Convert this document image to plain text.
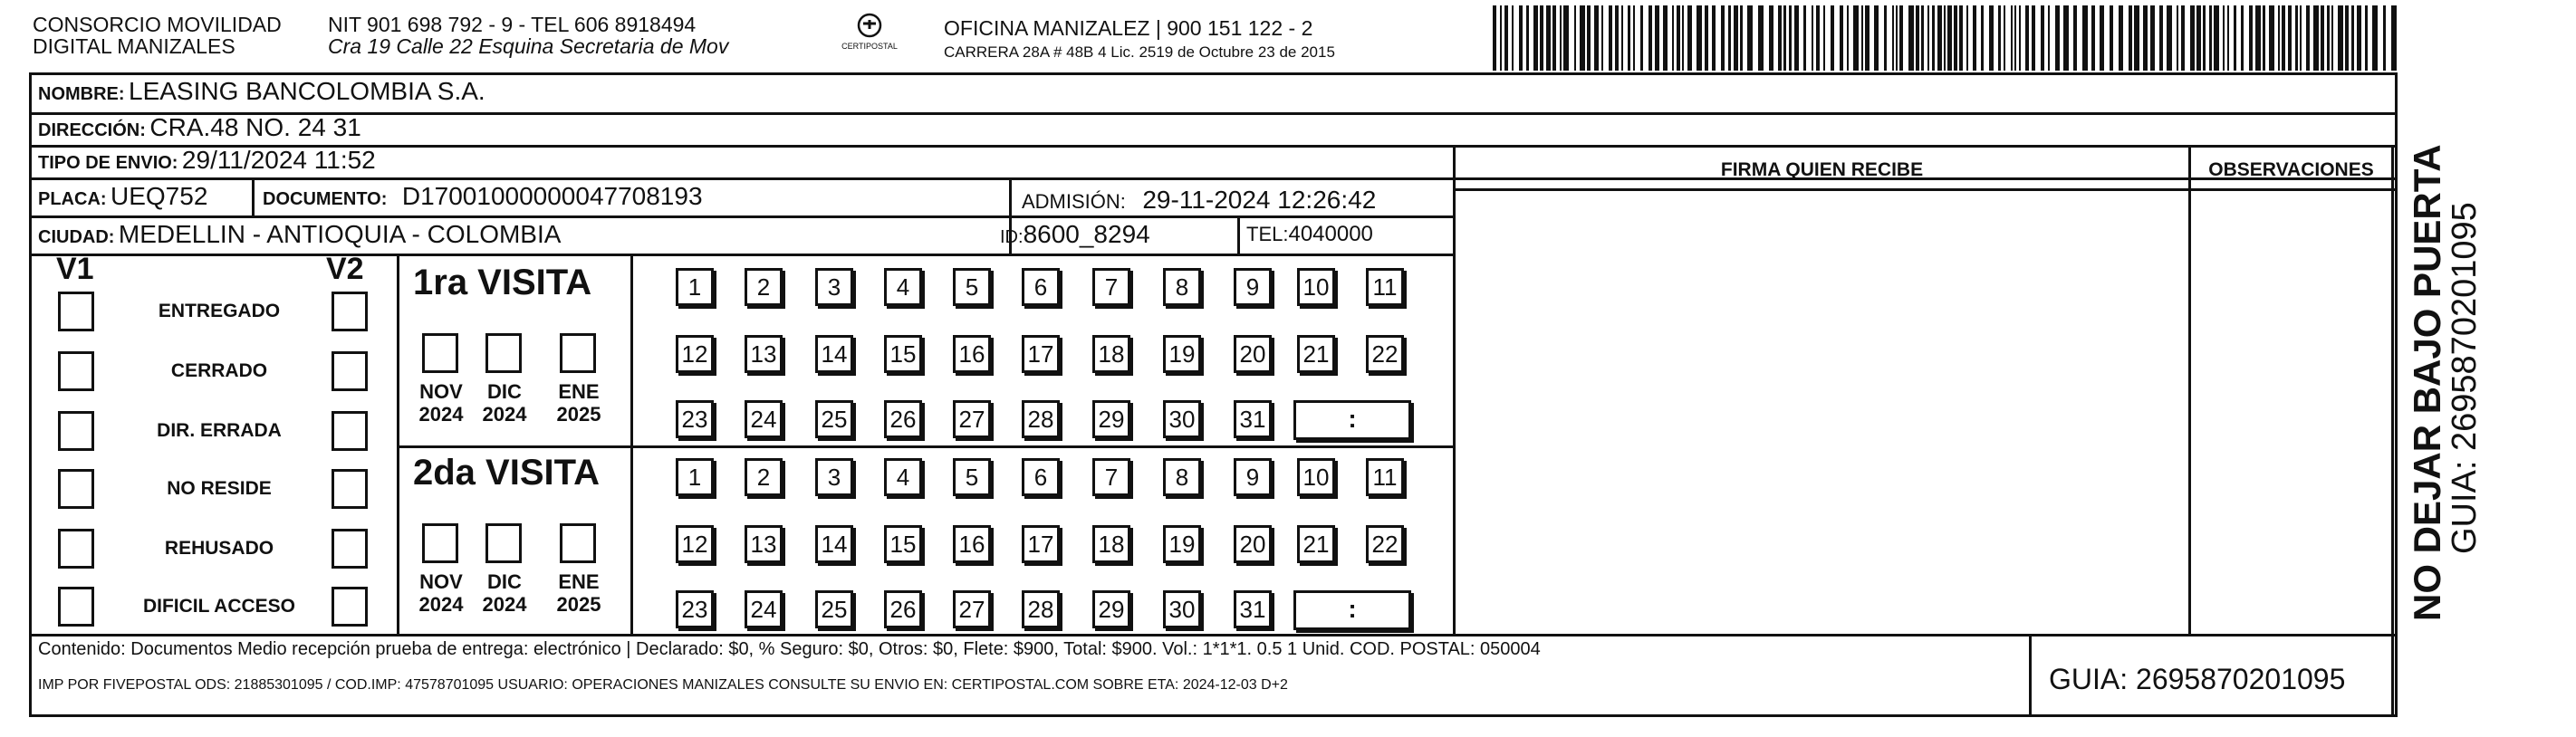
CONSORCIO MOVILIDAD
DIGITAL MANIZALES
NIT 901 698 792 - 9 - TEL 606 8918494
Cra 19 Calle 22 Esquina Secretaria de Mov	CERTIPOSTAL
OFICINA MANIZALEZ | 900 151 122 - 2
CARRERA 28A # 48B 4 Lic. 2519 de Octubre 23 de 2015
NOMBRE: LEASING BANCOLOMBIA S.A.
DIRECCIÓN: CRA.48 NO. 24 31
TIPO DE ENVIO: 29/11/2024 11:52
PLACA: UEQ752	DOCUMENTO: D17001000000047708193	ADMISIÓN: 29-11-2024 12:26:42
CIUDAD: MEDELLIN - ANTIOQUIA - COLOMBIA	ID:8600_8294	TEL:4040000
FIRMA QUIEN RECIBE	OBSERVACIONES
V1	V2
ENTREGADO
CERRADO
DIR. ERRADA
NO RESIDE
REHUSADO
DIFICIL ACCESO
1ra VISITA
2da VISITA
NOV
2024
DIC
2024
ENE
2025
1	2	3	4	5	6	7	8	9	10 11
12 13 14 15 16 17 18 19 20 21 22
23 24 25 26 27 28 29 30 31	:
NOV
2024
DIC
2024
ENE
2025
1	2	3	4	5	6	7	8	9	10 11
12 13 14 15 16 17 18 19 20 21 22
23 24 25 26 27 28 29 30 31	:
Contenido: Documentos Medio recepción prueba de entrega: electrónico | Declarado: $0, % Seguro: $0, Otros: $0, Flete: $900, Total: $900. Vol.: 1*1*1. 0.5 1 Unid. COD. POSTAL: 050004
IMP POR FIVEPOSTAL ODS: 21885301095 / COD.IMP: 47578701095 USUARIO: OPERACIONES MANIZALES CONSULTE SU ENVIO EN: CERTIPOSTAL.COM SOBRE ETA: 2024-12-03 D+2	GUIA: 2695870201095
NO DEJAR BAJO PUERTA
GUIA: 2695870201095
